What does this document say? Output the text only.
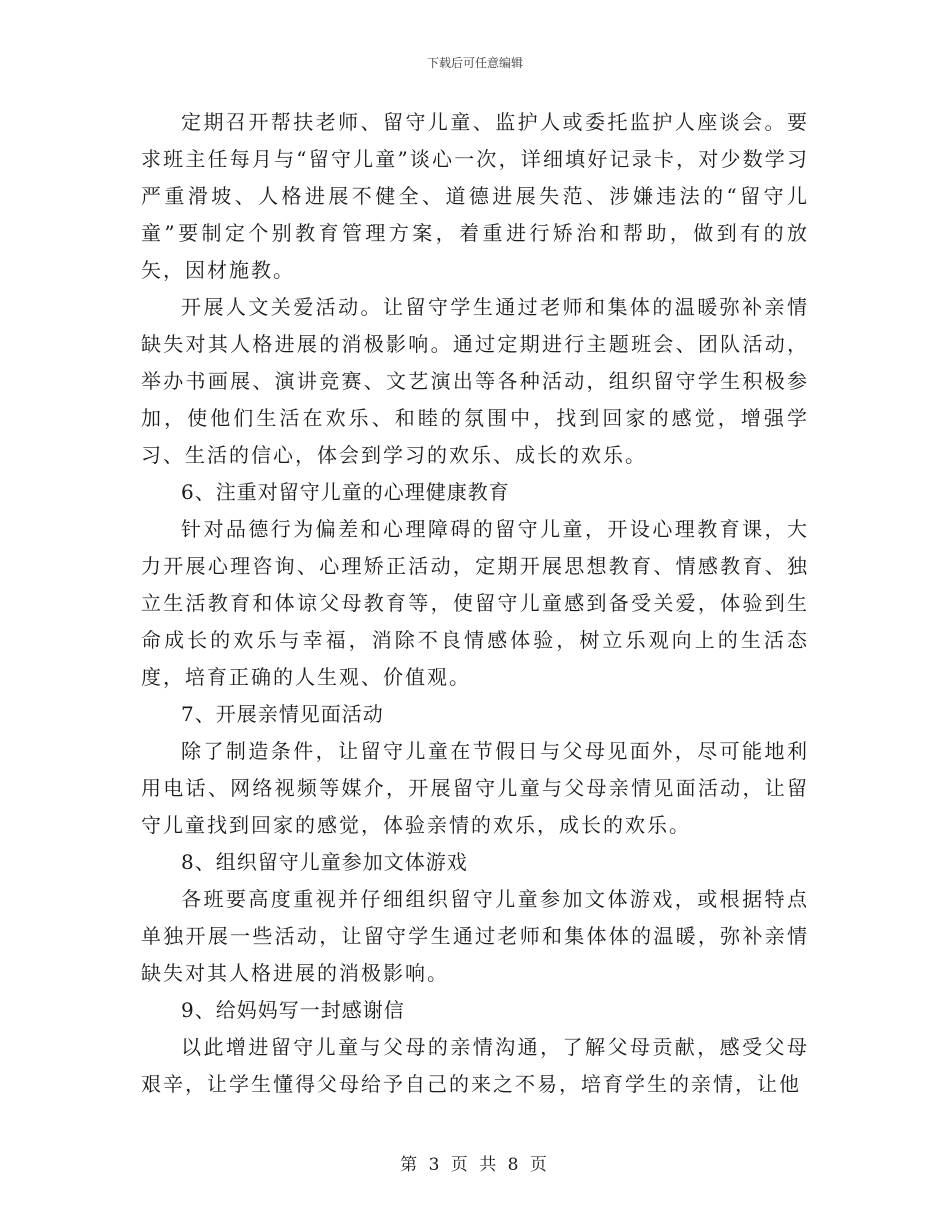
下载后可任意编辑

定期召开帮扶老师、留守儿童、监护人或委托监护人座谈会。要求班主任每月与“留守儿童”谈心一次，详细填好记录卡，对少数学习严重滑坡、人格进展不健全、道德进展失范、涉嫌违法的“留守儿童”要制定个别教育管理方案，着重进行矫治和帮助，做到有的放矢，因材施教。

开展人文关爱活动。让留守学生通过老师和集体的温暖弥补亲情缺失对其人格进展的消极影响。通过定期进行主题班会、团队活动，举办书画展、演讲竞赛、文艺演出等各种活动，组织留守学生积极参加，使他们生活在欢乐、和睦的氛围中，找到回家的感觉，增强学习、生活的信心，体会到学习的欢乐、成长的欢乐。

6、注重对留守儿童的心理健康教育

针对品德行为偏差和心理障碍的留守儿童，开设心理教育课，大力开展心理咨询、心理矫正活动，定期开展思想教育、情感教育、独立生活教育和体谅父母教育等，使留守儿童感到备受关爱，体验到生命成长的欢乐与幸福，消除不良情感体验，树立乐观向上的生活态度，培育正确的人生观、价值观。

7、开展亲情见面活动

除了制造条件，让留守儿童在节假日与父母见面外，尽可能地利用电话、网络视频等媒介，开展留守儿童与父母亲情见面活动，让留守儿童找到回家的感觉，体验亲情的欢乐，成长的欢乐。

8、组织留守儿童参加文体游戏

各班要高度重视并仔细组织留守儿童参加文体游戏，或根据特点单独开展一些活动，让留守学生通过老师和集体体的温暖，弥补亲情缺失对其人格进展的消极影响。

9、给妈妈写一封感谢信

以此增进留守儿童与父母的亲情沟通，了解父母贡献，感受父母艰辛，让学生懂得父母给予自己的来之不易，培育学生的亲情，让他

第 3 页 共 8 页
